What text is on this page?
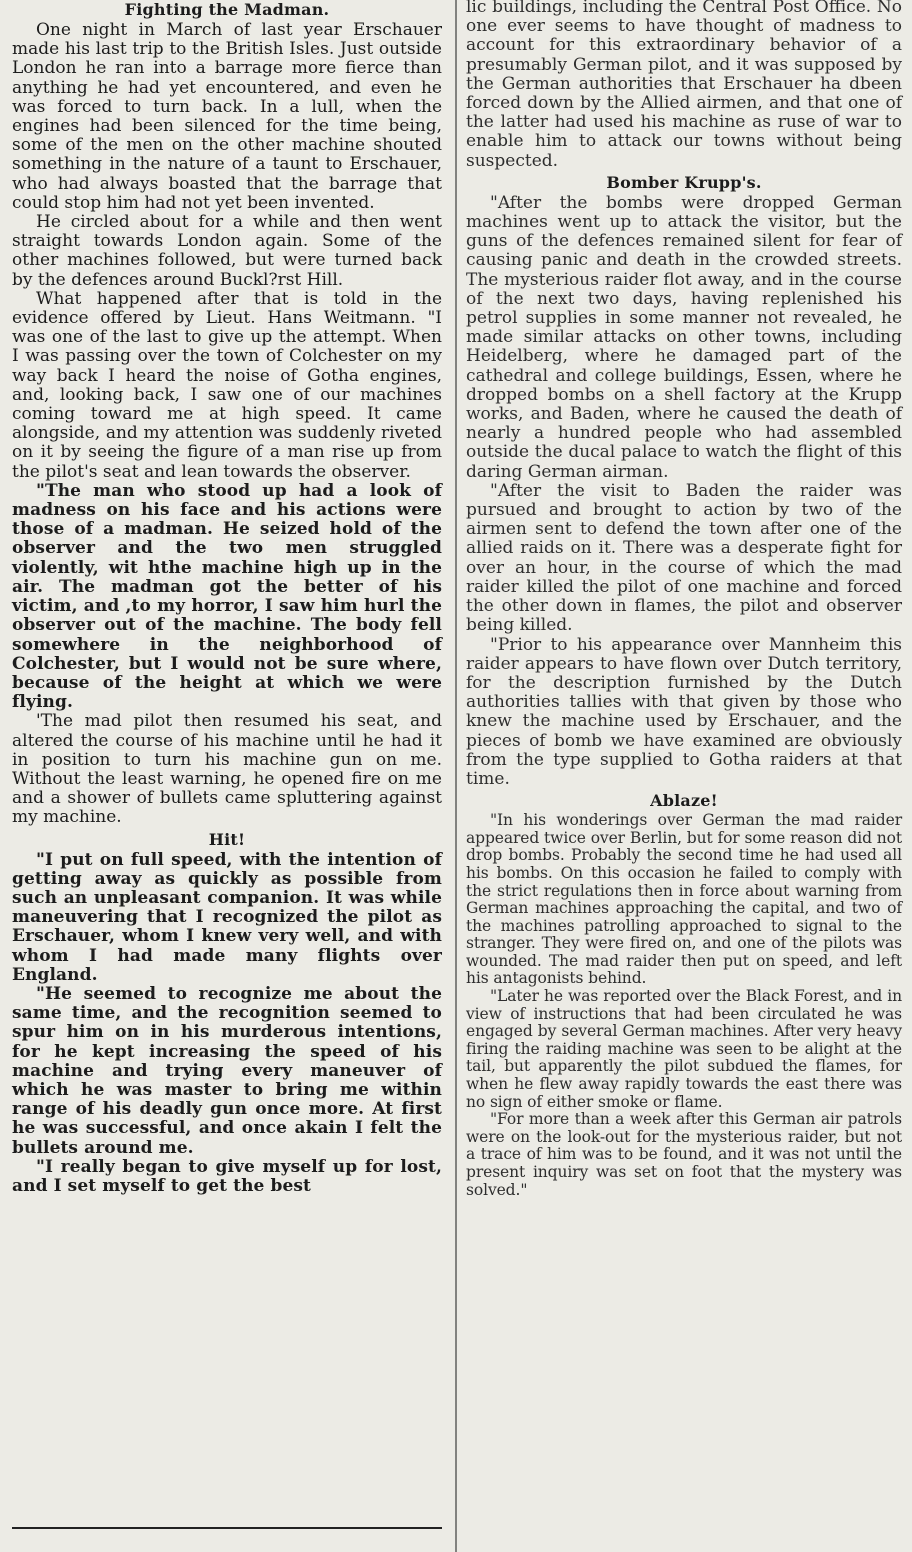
Fighting the Madman.

One night in March of last year Erschauer made his last trip to the British Isles. Just outside London he ran into a barrage more fierce than anything he had yet encountered, and even he was forced to turn back. In a lull, when the engines had been silenced for the time being, some of the men on the other machine shouted something in the nature of a taunt to Erschauer, who had always boasted that the barrage that could stop him had not yet been invented.

He circled about for a while and then went straight towards London again. Some of the other machines followed, but were turned back by the defences around Buckl?rst Hill.

What happened after that is told in the evidence offered by Lieut. Hans Weitmann. "I was one of the last to give up the attempt. When I was passing over the town of Colchester on my way back I heard the noise of Gotha engines, and, looking back, I saw one of our machines coming toward me at high speed. It came alongside, and my attention was suddenly riveted on it by seeing the figure of a man rise up from the pilot's seat and lean towards the observer.

"The man who stood up had a look of madness on his face and his actions were those of a madman. He seized hold of the observer and the two men struggled violently, wit hthe machine high up in the air. The madman got the better of his victim, and ,to my horror, I saw him hurl the observer out of the machine. The body fell somewhere in the neighborhood of Colchester, but I would not be sure where, because of the height at which we were flying.

'The mad pilot then resumed his seat, and altered the course of his machine until he had it in position to turn his machine gun on me. Without the least warning, he opened fire on me and a shower of bullets came spluttering against my machine.

Hit!

"I put on full speed, with the intention of getting away as quickly as possible from such an unpleasant companion. It was while maneuvering that I recognized the pilot as Erschauer, whom I knew very well, and with whom I had made many flights over England.

"He seemed to recognize me about the same time, and the recognition seemed to spur him on in his murderous intentions, for he kept increasing the speed of his machine and trying every maneuver of which he was master to bring me within range of his deadly gun once more. At first he was successful, and once akain I felt the bullets around me.

"I really began to give myself up for lost, and I set myself to get the best

lic buildings, including the Central Post Office. No one ever seems to have thought of madness to account for this extraordinary behavior of a presumably German pilot, and it was supposed by the German authorities that Erschauer ha dbeen forced down by the Allied airmen, and that one of the latter had used his machine as ruse of war to enable him to attack our towns without being suspected.

Bomber Krupp's.

"After the bombs were dropped German machines went up to attack the visitor, but the guns of the defences remained silent for fear of causing panic and death in the crowded streets. The mysterious raider flot away, and in the course of the next two days, having replenished his petrol supplies in some manner not revealed, he made similar attacks on other towns, including Heidelberg, where he damaged part of the cathedral and college buildings, Essen, where he dropped bombs on a shell factory at the Krupp works, and Baden, where he caused the death of nearly a hundred people who had assembled outside the ducal palace to watch the flight of this daring German airman.

"After the visit to Baden the raider was pursued and brought to action by two of the airmen sent to defend the town after one of the allied raids on it. There was a desperate fight for over an hour, in the course of which the mad raider killed the pilot of one machine and forced the other down in flames, the pilot and observer being killed.

"Prior to his appearance over Mannheim this raider appears to have flown over Dutch territory, for the description furnished by the Dutch authorities tallies with that given by those who knew the machine used by Erschauer, and the pieces of bomb we have examined are obviously from the type supplied to Gotha raiders at that time.

Ablaze!

"In his wonderings over German the mad raider appeared twice over Berlin, but for some reason did not drop bombs. Probably the second time he had used all his bombs. On this occasion he failed to comply with the strict regulations then in force about warning from German machines approaching the capital, and two of the machines patrolling approached to signal to the stranger. They were fired on, and one of the pilots was wounded. The mad raider then put on speed, and left his antagonists behind.

"Later he was reported over the Black Forest, and in view of instructions that had been circulated he was engaged by several German machines. After very heavy firing the raiding machine was seen to be alight at the tail, but apparently the pilot subdued the flames, for when he flew away rapidly towards the east there was no sign of either smoke or flame.

"For more than a week after this German air patrols were on the look-out for the mysterious raider, but not a trace of him was to be found, and it was not until the present inquiry was set on foot that the mystery was solved."
